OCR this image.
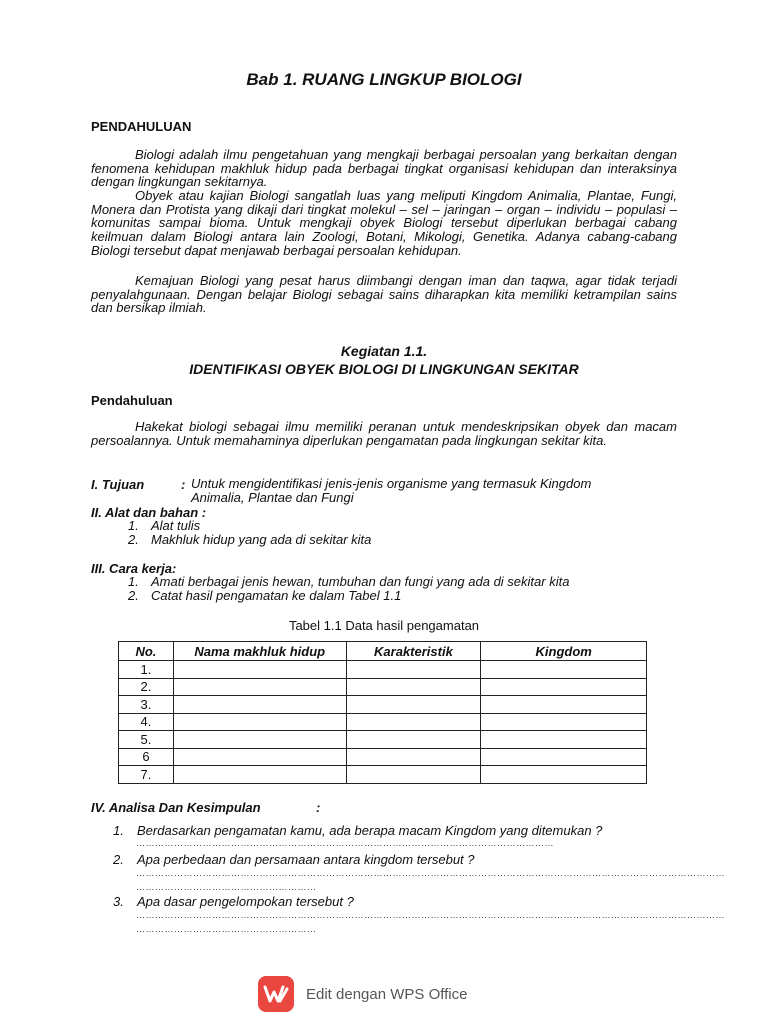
Bab 1. RUANG LINGKUP BIOLOGI
PENDAHULUAN

Biologi adalah ilmu pengetahuan yang mengkaji berbagai persoalan yang berkaitan dengan fenomena kehidupan makhluk hidup pada berbagai tingkat organisasi kehidupan dan interaksinya dengan lingkungan sekitarnya.

Obyek atau kajian Biologi sangatlah luas yang meliputi Kingdom Animalia, Plantae, Fungi, Monera dan Protista yang dikaji dari tingkat molekul – sel – jaringan – organ – individu – populasi – komunitas sampai bioma. Untuk mengkaji obyek Biologi tersebut diperlukan berbagai cabang keilmuan dalam Biologi antara lain Zoologi, Botani, Mikologi, Genetika. Adanya cabang-cabang Biologi tersebut dapat menjawab berbagai persoalan kehidupan.

Kemajuan Biologi yang pesat harus diimbangi dengan iman dan taqwa, agar tidak terjadi penyalahgunaan. Dengan belajar Biologi sebagai sains diharapkan kita memiliki ketrampilan sains dan bersikap ilmiah.

Kegiatan 1.1.
IDENTIFIKASI OBYEK BIOLOGI DI LINGKUNGAN SEKITAR
Pendahuluan

Hakekat biologi sebagai ilmu memiliki peranan untuk mendeskripsikan obyek dan macam persoalannya. Untuk memahaminya diperlukan pengamatan pada lingkungan sekitar kita.

I. Tujuan	: Untuk mengidentifikasi jenis-jenis organisme yang termasuk Kingdom
Animalia, Plantae dan Fungi
II. Alat dan bahan :
1. Alat tulis
2. Makhluk hidup yang ada di sekitar kita
III. Cara kerja:
1. Amati berbagai jenis hewan, tumbuhan dan fungi yang ada di sekitar kita
2. Catat hasil pengamatan ke dalam Tabel 1.1
Tabel 1.1 Data hasil pengamatan
No.	Nama makhluk hidup	Karakteristik	Kingdom
1.			
2.			
3.			
4.			
5.			
6			
7.			
IV. Analisa Dan Kesimpulan	:
1. Berdasarkan pengamatan kamu, ada berapa macam Kingdom yang ditemukan ?
……………………………………………………………………………………………………………………
2. Apa perbedaan dan persamaan antara kingdom tersebut ?
……………………………………………………………………………………………………………………………………………………………………
…………………………………………………
3. Apa dasar pengelompokan tersebut ?
……………………………………………………………………………………………………………………………………………………………………
…………………………………………………
Edit dengan WPS Office
